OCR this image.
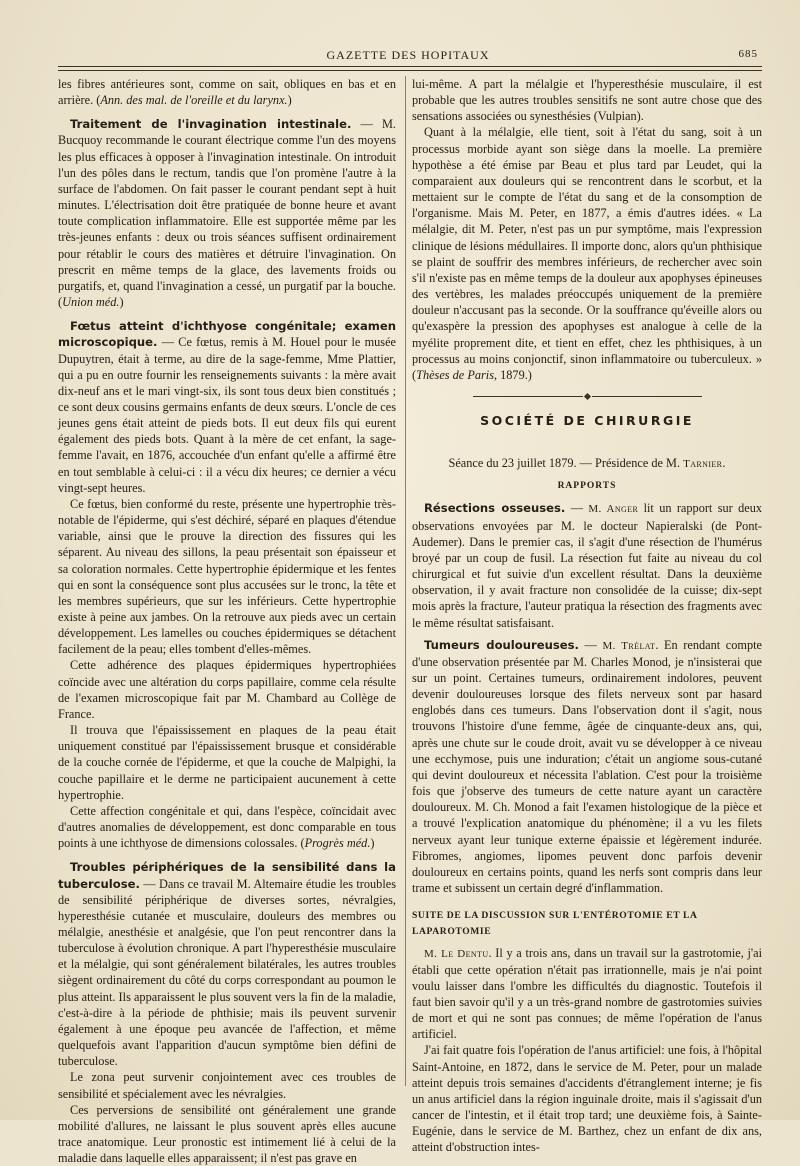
GAZETTE DES HOPITAUX	685

les fibres antérieures sont, comme on sait, obliques en bas et en arrière. (Ann. des mal. de l'oreille et du larynx.)

Traitement de l'invagination intestinale. — M. Bucquoy recommande le courant électrique comme l'un des moyens les plus efficaces à opposer à l'invagination intestinale. On introduit l'un des pôles dans le rectum, tandis que l'on promène l'autre à la surface de l'abdomen. On fait passer le courant pendant sept à huit minutes. L'électrisation doit être pratiquée de bonne heure et avant toute complication inflammatoire. Elle est supportée même par les très-jeunes enfants : deux ou trois séances suffisent ordinairement pour rétablir le cours des matières et détruire l'invagination. On prescrit en même temps de la glace, des lavements froids ou purgatifs, et, quand l'invagination a cessé, un purgatif par la bouche. (Union méd.)

Fœtus atteint d'ichthyose congénitale; examen microscopique. — Ce fœtus, remis à M. Houel pour le musée Dupuytren, était à terme, au dire de la sage-femme, Mme Plattier, qui a pu en outre fournir les renseignements suivants : la mère avait dix-neuf ans et le mari vingt-six, ils sont tous deux bien constitués ; ce sont deux cousins germains enfants de deux sœurs. L'oncle de ces jeunes gens était atteint de pieds bots. Il eut deux fils qui eurent également des pieds bots. Quant à la mère de cet enfant, la sage-femme l'avait, en 1876, accouchée d'un enfant qu'elle a affirmé être en tout semblable à celui-ci : il a vécu dix heures; ce dernier a vécu vingt-sept heures.

Ce fœtus, bien conformé du reste, présente une hypertrophie très-notable de l'épiderme, qui s'est déchiré, séparé en plaques d'étendue variable, ainsi que le prouve la direction des fissures qui les séparent. Au niveau des sillons, la peau présentait son épaisseur et sa coloration normales. Cette hypertrophie épidermique et les fentes qui en sont la conséquence sont plus accusées sur le tronc, la tête et les membres supérieurs, que sur les inférieurs. Cette hypertrophie existe à peine aux jambes. On la retrouve aux pieds avec un certain développement. Les lamelles ou couches épidermiques se détachent facilement de la peau; elles tombent d'elles-mêmes.

Cette adhérence des plaques épidermiques hypertrophiées coïncide avec une altération du corps papillaire, comme cela résulte de l'examen microscopique fait par M. Chambard au Collège de France.

Il trouva que l'épaississement en plaques de la peau était uniquement constitué par l'épaississement brusque et considérable de la couche cornée de l'épiderme, et que la couche de Malpighi, la couche papillaire et le derme ne participaient aucunement à cette hypertrophie.

Cette affection congénitale et qui, dans l'espèce, coïncidait avec d'autres anomalies de développement, est donc comparable en tous points à une ichthyose de dimensions colossales. (Progrès méd.)

Troubles périphériques de la sensibilité dans la tuberculose. — Dans ce travail M. Altemaire étudie les troubles de sensibilité périphérique de diverses sortes, névralgies, hyperesthésie cutanée et musculaire, douleurs des membres ou mélalgie, anesthésie et analgésie, que l'on peut rencontrer dans la tuberculose à évolution chronique. A part l'hyperesthésie musculaire et la mélalgie, qui sont généralement bilatérales, les autres troubles siègent ordinairement du côté du corps correspondant au poumon le plus atteint. Ils apparaissent le plus souvent vers la fin de la maladie, c'est-à-dire à la période de phthisie; mais ils peuvent survenir également à une époque peu avancée de l'affection, et même quelquefois avant l'apparition d'aucun symptôme bien défini de tuberculose.

Le zona peut survenir conjointement avec ces troubles de sensibilité et spécialement avec les névralgies.

Ces perversions de sensibilité ont généralement une grande mobilité d'allures, ne laissant le plus souvent après elles aucune trace anatomique. Leur pronostic est intimement lié à celui de la maladie dans laquelle elles apparaissent; il n'est pas grave en

lui-même. A part la mélalgie et l'hyperesthésie musculaire, il est probable que les autres troubles sensitifs ne sont autre chose que des sensations associées ou synesthésies (Vulpian).

Quant à la mélalgie, elle tient, soit à l'état du sang, soit à un processus morbide ayant son siège dans la moelle. La première hypothèse a été émise par Beau et plus tard par Leudet, qui la comparaient aux douleurs qui se rencontrent dans le scorbut, et la mettaient sur le compte de l'état du sang et de la consomption de l'organisme. Mais M. Peter, en 1877, a émis d'autres idées. « La mélalgie, dit M. Peter, n'est pas un pur symptôme, mais l'expression clinique de lésions médullaires. Il importe donc, alors qu'un phthisique se plaint de souffrir des membres inférieurs, de rechercher avec soin s'il n'existe pas en même temps de la douleur aux apophyses épineuses des vertèbres, les malades préoccupés uniquement de la première douleur n'accusant pas la seconde. Or la souffrance qu'éveille alors ou qu'exaspère la pression des apophyses est analogue à celle de la myélite proprement dite, et tient en effet, chez les phthisiques, à un processus au moins conjonctif, sinon inflammatoire ou tuberculeux. » (Thèses de Paris, 1879.)

SOCIÉTÉ DE CHIRURGIE

Séance du 23 juillet 1879. — Présidence de M. Tarnier.

RAPPORTS

Résections osseuses. — M. Anger lit un rapport sur deux observations envoyées par M. le docteur Napieralski (de Pont-Audemer). Dans le premier cas, il s'agit d'une résection de l'humérus broyé par un coup de fusil. La résection fut faite au niveau du col chirurgical et fut suivie d'un excellent résultat. Dans la deuxième observation, il y avait fracture non consolidée de la cuisse; dix-sept mois après la fracture, l'auteur pratiqua la résection des fragments avec le même résultat satisfaisant.

Tumeurs douloureuses. — M. Trélat. En rendant compte d'une observation présentée par M. Charles Monod, je n'insisterai que sur un point. Certaines tumeurs, ordinairement indolores, peuvent devenir douloureuses lorsque des filets nerveux sont par hasard englobés dans ces tumeurs. Dans l'observation dont il s'agit, nous trouvons l'histoire d'une femme, âgée de cinquante-deux ans, qui, après une chute sur le coude droit, avait vu se développer à ce niveau une ecchymose, puis une induration; c'était un angiome sous-cutané qui devint douloureux et nécessita l'ablation. C'est pour la troisième fois que j'observe des tumeurs de cette nature ayant un caractère douloureux. M. Ch. Monod a fait l'examen histologique de la pièce et a trouvé l'explication anatomique du phénomène; il a vu les filets nerveux ayant leur tunique externe épaissie et légèrement indurée. Fibromes, angiomes, lipomes peuvent donc parfois devenir douloureux en certains points, quand les nerfs sont compris dans leur trame et subissent un certain degré d'inflammation.

SUITE DE LA DISCUSSION SUR L'ENTÉROTOMIE ET LA LAPAROTOMIE

M. Le Dentu. Il y a trois ans, dans un travail sur la gastrotomie, j'ai établi que cette opération n'était pas irrationnelle, mais je n'ai point voulu laisser dans l'ombre les difficultés du diagnostic. Toutefois il faut bien savoir qu'il y a un très-grand nombre de gastrotomies suivies de mort et qui ne sont pas connues; de même l'opération de l'anus artificiel.

J'ai fait quatre fois l'opération de l'anus artificiel: une fois, à l'hôpital Saint-Antoine, en 1872, dans le service de M. Peter, pour un malade atteint depuis trois semaines d'accidents d'étranglement interne; je fis un anus artificiel dans la région inguinale droite, mais il s'agissait d'un cancer de l'intestin, et il était trop tard; une deuxième fois, à Sainte-Eugénie, dans le service de M. Barthez, chez un enfant de dix ans, atteint d'obstruction intes-
